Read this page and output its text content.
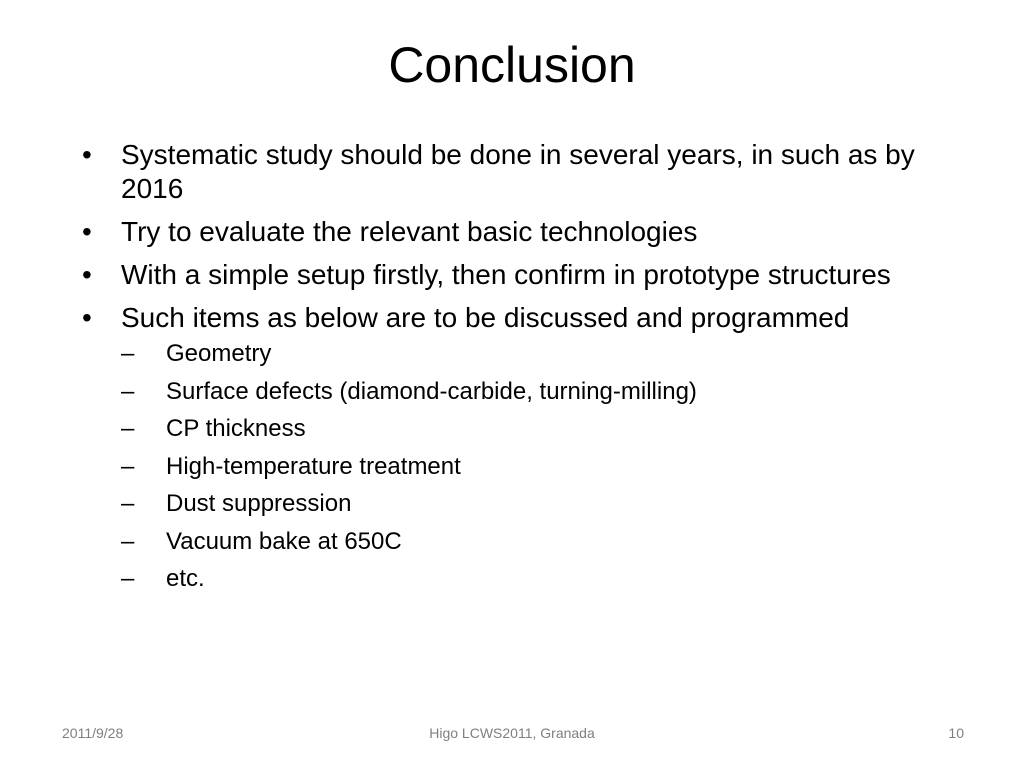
Conclusion
•	Systematic study should be done in several years, in such as by 2016
•	Try to evaluate the relevant basic technologies
•	With a simple setup firstly, then confirm in prototype structures
•	Such items as below are to be discussed and programmed
–	Geometry
–	Surface defects (diamond-carbide, turning-milling)
–	CP thickness
–	High-temperature treatment
–	Dust suppression
–	Vacuum bake at 650C
–	etc.
2011/9/28	Higo LCWS2011, Granada	10
